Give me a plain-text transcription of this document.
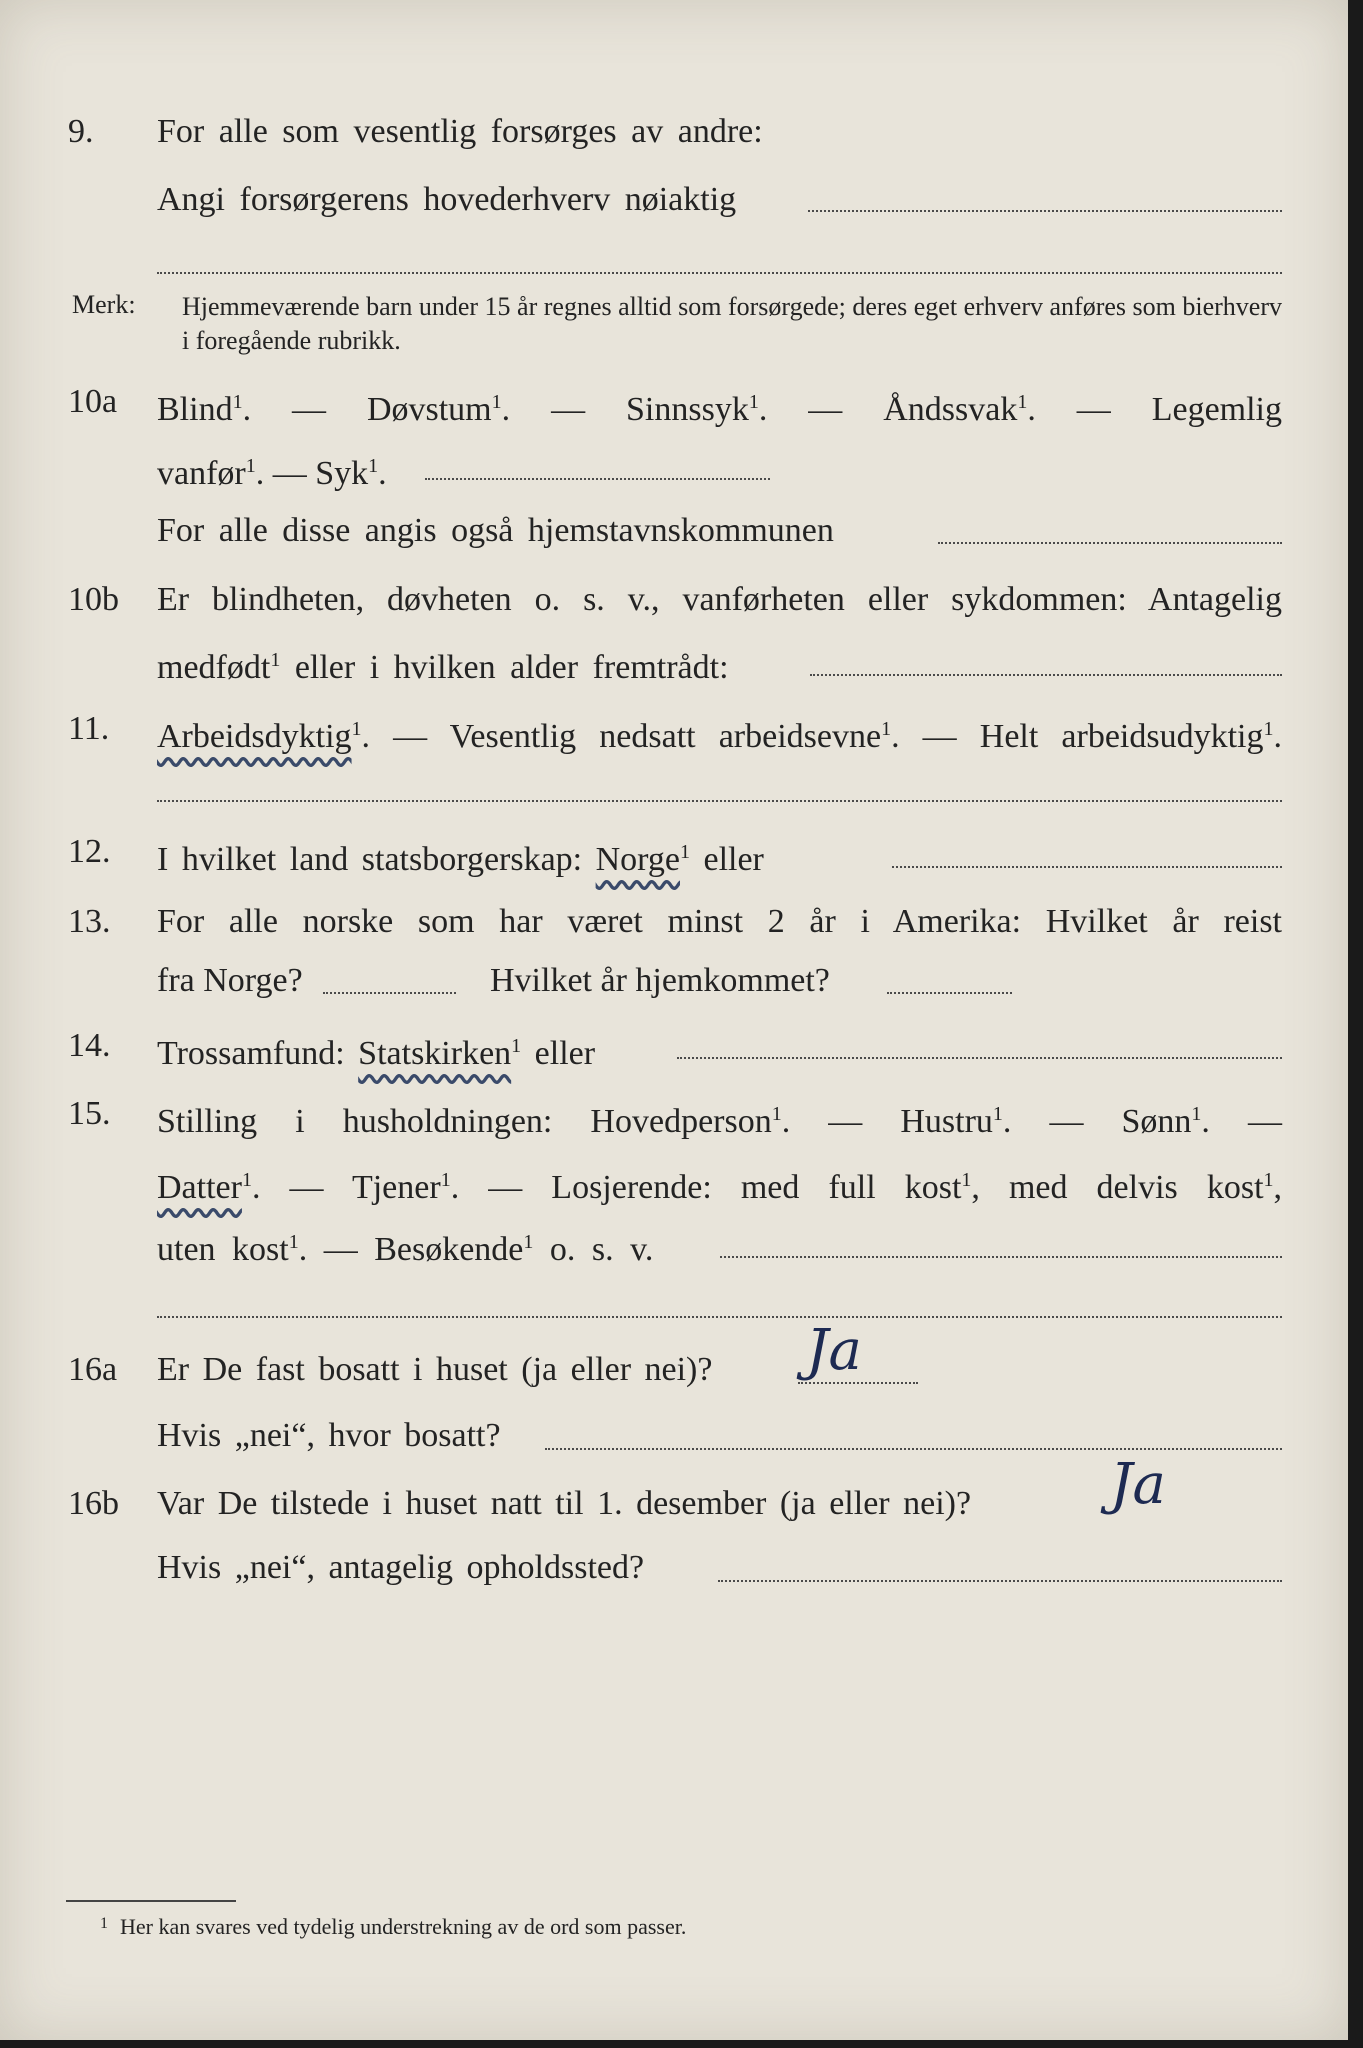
9. For alle som vesentlig forsørges av andre:
Angi forsørgerens hovederhverv nøiaktig
Merk: Hjemmeværende barn under 15 år regnes alltid som forsørgede; deres eget erhverv anføres som bierhverv i foregående rubrikk.
10a Blind$^1$. — Døvstum$^1$. — Sinnssyk$^1$. — Åndssvak$^1$. — Legemlig
vanfør$^1$. — Syk$^1$.
For alle disse angis også hjemstavnskommunen
10b Er blindheten, døvheten o. s. v., vanførheten eller sykdommen: Antagelig
medfødt$^1$ eller i hvilken alder fremtrådt:
11. Arbeidsdyktig$^1$. — Vesentlig nedsatt arbeidsevne$^1$. — Helt arbeidsudyktig$^1$.
12. I hvilket land statsborgerskap: Norge$^1$ eller
13. For alle norske som har været minst 2 år i Amerika: Hvilket år reist
fra Norge?	Hvilket år hjemkommet?
14. Trossamfund: Statskirken$^1$ eller
15. Stilling i husholdningen: Hovedperson$^1$. — Hustru$^1$. — Sønn$^1$. —
Datter$^1$. — Tjener$^1$. — Losjerende: med full kost$^1$, med delvis kost$^1$,
uten kost$^1$. — Besøkende$^1$ o. s. v.
16a Er De fast bosatt i huset (ja eller nei)? Ja
Hvis „nei“, hvor bosatt?
16b Var De tilstede i huset natt til 1. desember (ja eller nei)? Ja
Hvis „nei“, antagelig opholdssted?
$^1$ Her kan svares ved tydelig understrekning av de ord som passer.
